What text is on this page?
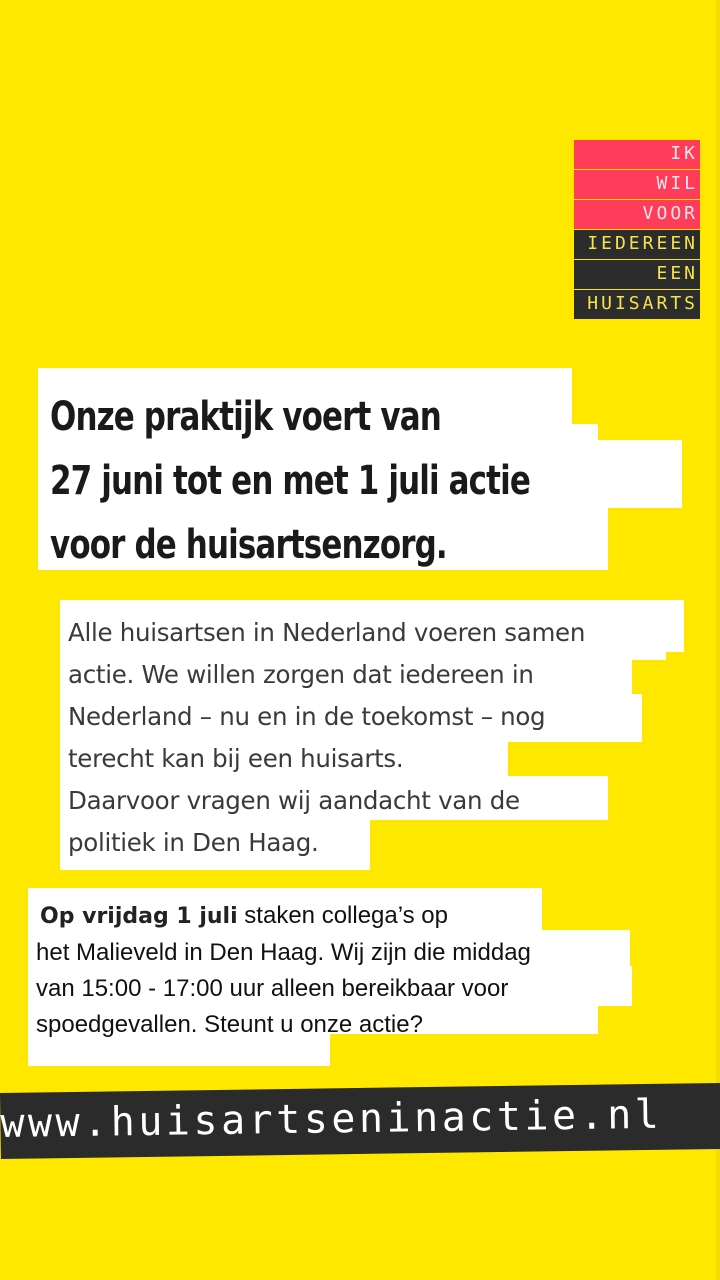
IK
WIL
VOOR
IEDEREEN
EEN
HUISARTS
Onze praktijk voert van
27 juni tot en met 1 juli actie
voor de huisartsenzorg.

Alle huisartsen in Nederland voeren samen
actie. We willen zorgen dat iedereen in
Nederland – nu en in de toekomst – nog
terecht kan bij een huisarts.
Daarvoor vragen wij aandacht van de
politiek in Den Haag.

Op vrijdag 1 juli staken collega’s op
het Malieveld in Den Haag. Wij zijn die middag
van 15:00 - 17:00 uur alleen bereikbaar voor
spoedgevallen. Steunt u onze actie?

www.huisartseninactie.nl
